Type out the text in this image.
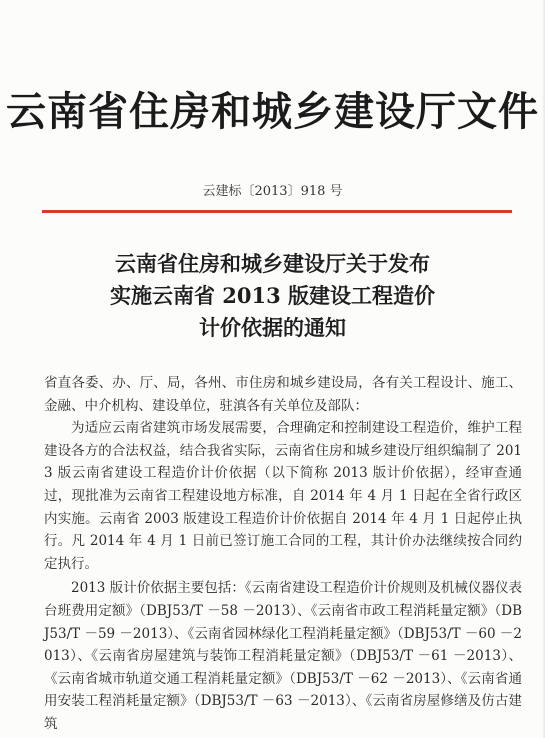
云南省住房和城乡建设厅文件
云建标〔2013〕918 号
云南省住房和城乡建设厅关于发布
实施云南省 2013 版建设工程造价
计价依据的通知

省直各委、办、厅、局，各州、市住房和城乡建设局，各有关工程设计、施工、金融、中介机构、建设单位，驻滇各有关单位及部队：

为适应云南省建筑市场发展需要，合理确定和控制建设工程造价，维护工程建设各方的合法权益，结合我省实际，云南省住房和城乡建设厅组织编制了 2013 版云南省建设工程造价计价依据（以下简称 2013 版计价依据），经审查通过，现批准为云南省工程建设地方标准，自 2014 年 4 月 1 日起在全省行政区内实施。云南省 2003 版建设工程造价计价依据自 2014 年 4 月 1 日起停止执行。凡 2014 年 4 月 1 日前已签订施工合同的工程，其计价办法继续按合同约定执行。

2013 版计价依据主要包括：《云南省建设工程造价计价规则及机械仪器仪表台班费用定额》（DBJ53/T －58 －2013）、《云南省市政工程消耗量定额》（DBJ53/T －59 －2013）、《云南省园林绿化工程消耗量定额》（DBJ53/T －60 －2013）、《云南省房屋建筑与装饰工程消耗量定额》（DBJ53/T －61 －2013）、《云南省城市轨道交通工程消耗量定额》（DBJ53/T －62 －2013）、《云南省通用安装工程消耗量定额》（DBJ53/T －63 －2013）、《云南省房屋修缮及仿古建筑
